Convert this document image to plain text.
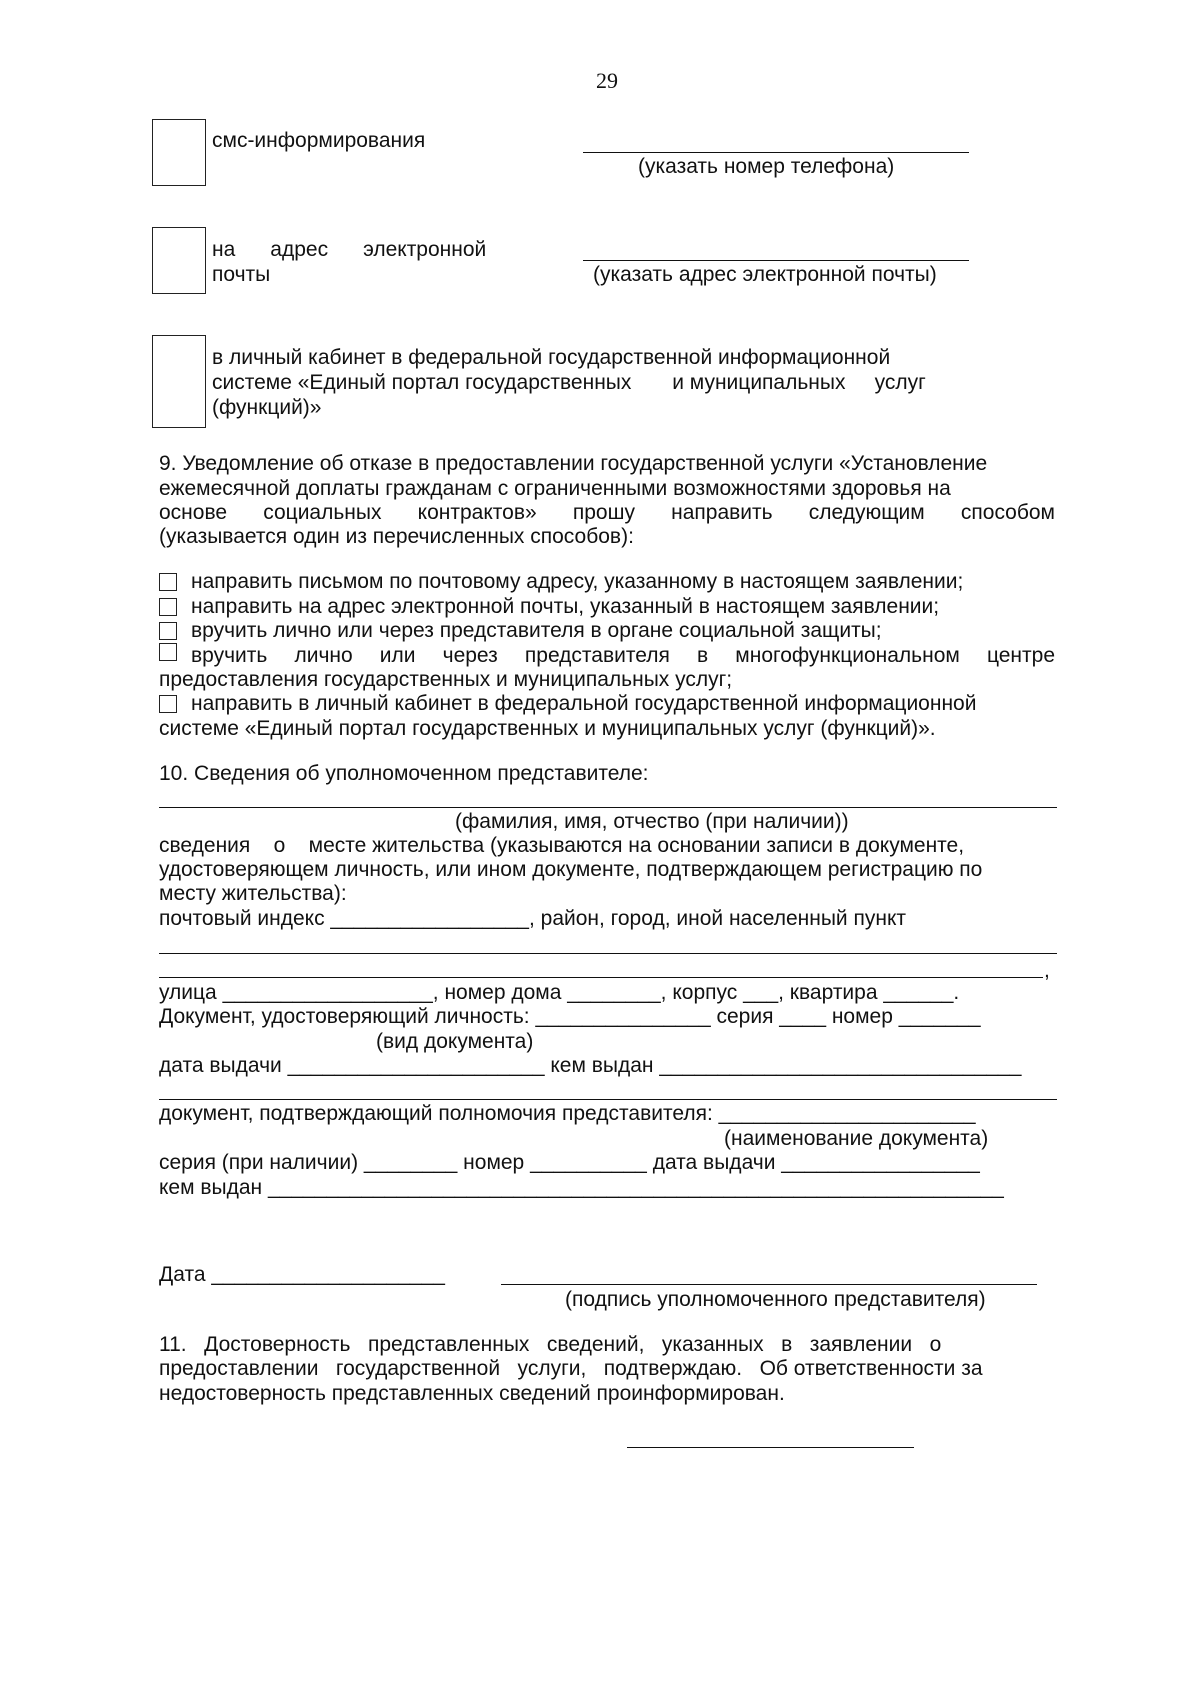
29
смс-информирования
(указать номер телефона)
на      адрес      электронной
почты	(указать адрес электронной почты)
в личный кабинет в федеральной государственной информационной
системе «Единый портал государственных       и муниципальных     услуг
(функций)»
9. Уведомление об отказе в предоставлении государственной услуги «Установление
ежемесячной доплаты гражданам с ограниченными возможностями здоровья на
основе социальных контрактов» прошу направить следующим способом
(указывается один из перечисленных способов):
направить письмом по почтовому адресу, указанному в настоящем заявлении;
направить на адрес электронной почты, указанный в настоящем заявлении;
вручить лично или через представителя в органе социальной защиты;
вручить лично или через представителя в многофункциональном центре
предоставления государственных и муниципальных услуг;
направить в личный кабинет в федеральной государственной информационной
системе «Единый портал государственных и муниципальных услуг (функций)».
10. Сведения об уполномоченном представителе:
(фамилия, имя, отчество (при наличии))
сведения    о    месте жительства (указываются на основании записи в документе,
удостоверяющем личность, или ином документе, подтверждающем регистрацию по
месту жительства):
почтовый индекс _________________, район, город, иной населенный пункт
,
улица __________________, номер дома ________, корпус ___, квартира ______.
Документ, удостоверяющий личность: _______________ серия ____ номер _______
(вид документа)
дата выдачи ______________________ кем выдан _______________________________
документ, подтверждающий полномочия представителя: ______________________
(наименование документа)
серия (при наличии) ________ номер __________ дата выдачи _________________
кем выдан _______________________________________________________________
Дата ____________________
(подпись уполномоченного представителя)
11.   Достоверность   представленных   сведений,   указанных   в   заявлении   о
предоставлении   государственной   услуги,   подтверждаю.   Об ответственности за
недостоверность представленных сведений проинформирован.
